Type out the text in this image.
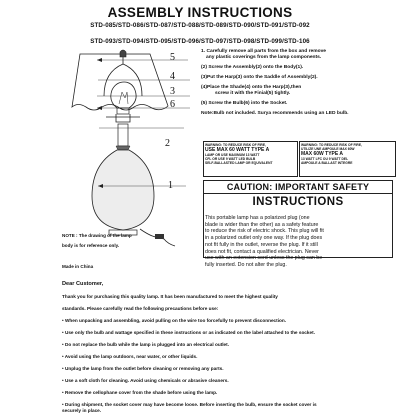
ASSEMBLY INSTRUCTIONS
STD-085/STD-086/STD-087/STD-088/STD-089/STD-090/STD-091/STD-092
STD-093/STD-094/STD-095/STD-096/STD-097/STD-098/STD-099/STD-106
5
4
3
6
2
1
1. Carefully remove all parts from the box and remove
any plastic coverings from the lamp components.
(2) Screw the Assembly(2) onto the Body(1).
(3)Put the Harp(3) onto the Saddle of Assembly(2).
(4)Place the Shade(4) onto the Harp(3),then
screw it with the Finial(5) tightly.
(5) Screw the Bulb(6) into the Socket.
Note:Bulb not included. Surya recommends using an LED bulb.
WARNING: TO REDUCE RISK OF FIRE,
USE MAX 60 WATT TYPE A
LAMP OR USE MAXIMUM 13 WATT
CFL OR USE 9 WATT LED BULB
SELF-BALLASTED LAMP OR EQUIVALENT
WARNING: TO REDUCE RISK OF FIRE,
UTILIZE UNE AMPOULE MAX 60W
MAX 60W TYPE A
13 WATT LFC OU 9 WATT DEL
AMPOULE A BALLAST INTEGRE
CAUTION: IMPORTANT SAFETY
INSTRUCTIONS
This portable lamp has a polarized plug (one
blade is wider than the other) as a safety feature
to reduce the risk of electric shock. This plug will fit
in a polarized outlet only one way. If the plug does
not fit fully in the outlet, reverse the plug. If it still
does not fit, contact a qualified electrician. Never
use with an extension cord unless the plug can be
fully inserted. Do not alter the plug.
NOTE : The drawing of the lamp
body is for reference only.
Made in China
Dear Customer,
Thank you for purchasing this quality lamp. It has been manufactured to meet the highest quality
standards. Please carefully read the following precautions before use:
• When unpacking and assembling, avoid pulling on the wire too forcefully to prevent disconnection.
• Use only the bulb and wattage specified in these instructions or as indicated on the label attached to the socket.
• Do not replace the bulb while the lamp is plugged into an electrical outlet.
• Avoid using the lamp outdoors, near water, or other liquids.
• Unplug the lamp from the outlet before cleaning or removing any parts.
• Use a soft cloth for cleaning. Avoid using chemicals or abrasive cleaners.
• Remove the cellophane cover from the shade before using the lamp.
• During shipment, the socket cover may have become loose. Before inserting the bulb, ensure the socket cover is
securely in place.
